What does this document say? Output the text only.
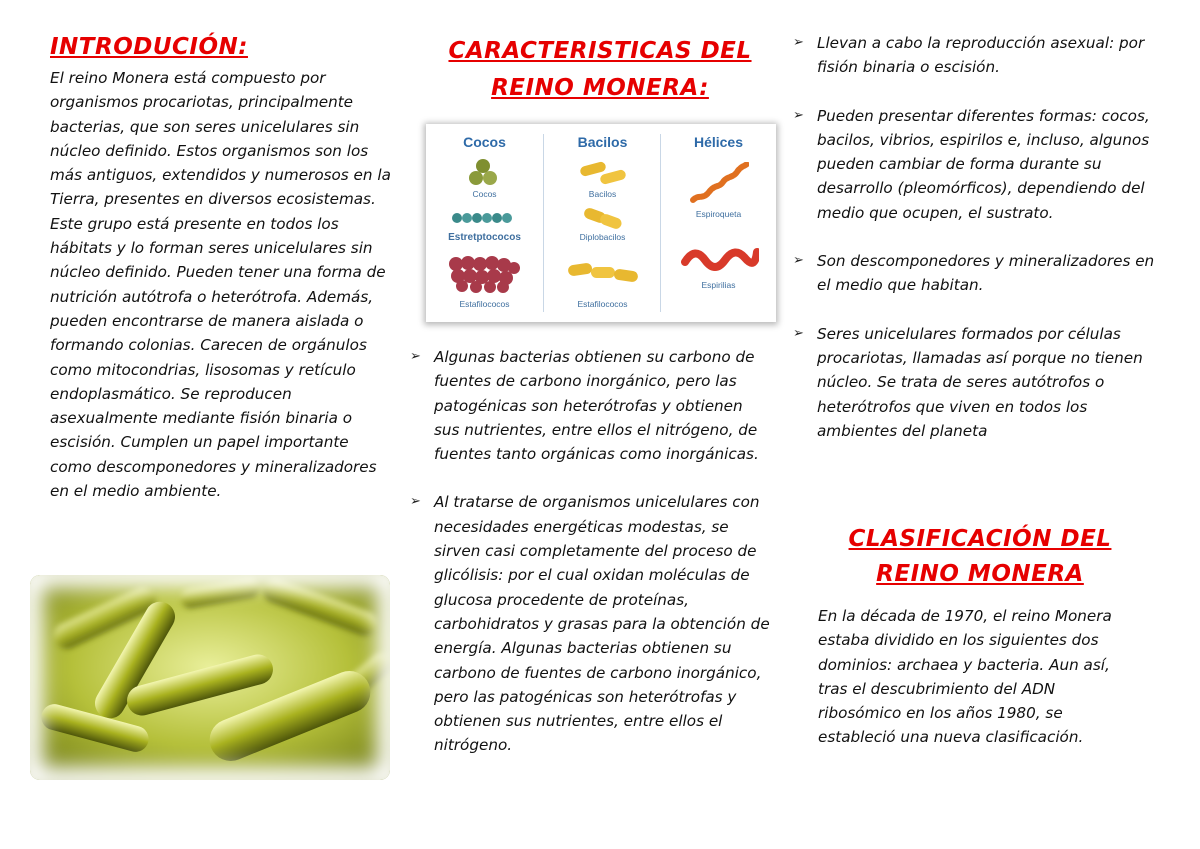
INTRODUCIÓN:
El reino Monera está compuesto por organismos procariotas, principalmente bacterias, que son seres unicelulares sin núcleo definido. Estos organismos son los más antiguos, extendidos y numerosos en la Tierra, presentes en diversos ecosistemas. Este grupo está presente en todos los hábitats y lo forman seres unicelulares sin núcleo definido. Pueden tener una forma de nutrición autótrofa o heterótrofa. Además, pueden encontrarse de manera aislada o formando colonias. Carecen de orgánulos como mitocondrias, lisosomas y retículo endoplasmático. Se reproducen asexualmente mediante fisión binaria o escisión. Cumplen un papel importante como descomponedores y mineralizadores en el medio ambiente.
CARACTERISTICAS DEL
REINO MONERA:
Cocos
Cocos
Estretptococos
Estafilococos
Bacilos
Bacilos
Diplobacilos
Estafilococos
Hélices
Espiroqueta
Espirilias
➢ Algunas bacterias obtienen su carbono de fuentes de carbono inorgánico, pero las patogénicas son heterótrofas y obtienen sus nutrientes, entre ellos el nitrógeno, de fuentes tanto orgánicas como inorgánicas.
➢ Al tratarse de organismos unicelulares con necesidades energéticas modestas, se sirven casi completamente del proceso de glicólisis: por el cual oxidan moléculas de glucosa procedente de proteínas, carbohidratos y grasas para la obtención de energía. Algunas bacterias obtienen su carbono de fuentes de carbono inorgánico, pero las patogénicas son heterótrofas y obtienen sus nutrientes, entre ellos el nitrógeno.
➢ Llevan a cabo la reproducción asexual: por fisión binaria o escisión.
➢ Pueden presentar diferentes formas: cocos, bacilos, vibrios, espirilos e, incluso, algunos pueden cambiar de forma durante su desarrollo (pleomórficos), dependiendo del medio que ocupen, el sustrato.
➢ Son descomponedores y mineralizadores en el medio que habitan.
➢ Seres unicelulares formados por células procariotas, llamadas así porque no tienen núcleo. Se trata de seres autótrofos o heterótrofos que viven en todos los ambientes del planeta
CLASIFICACIÓN DEL
REINO MONERA
En la década de 1970, el reino Monera estaba dividido en los siguientes dos dominios: archaea y bacteria. Aun así, tras el descubrimiento del ADN ribosómico en los años 1980, se estableció una nueva clasificación.
